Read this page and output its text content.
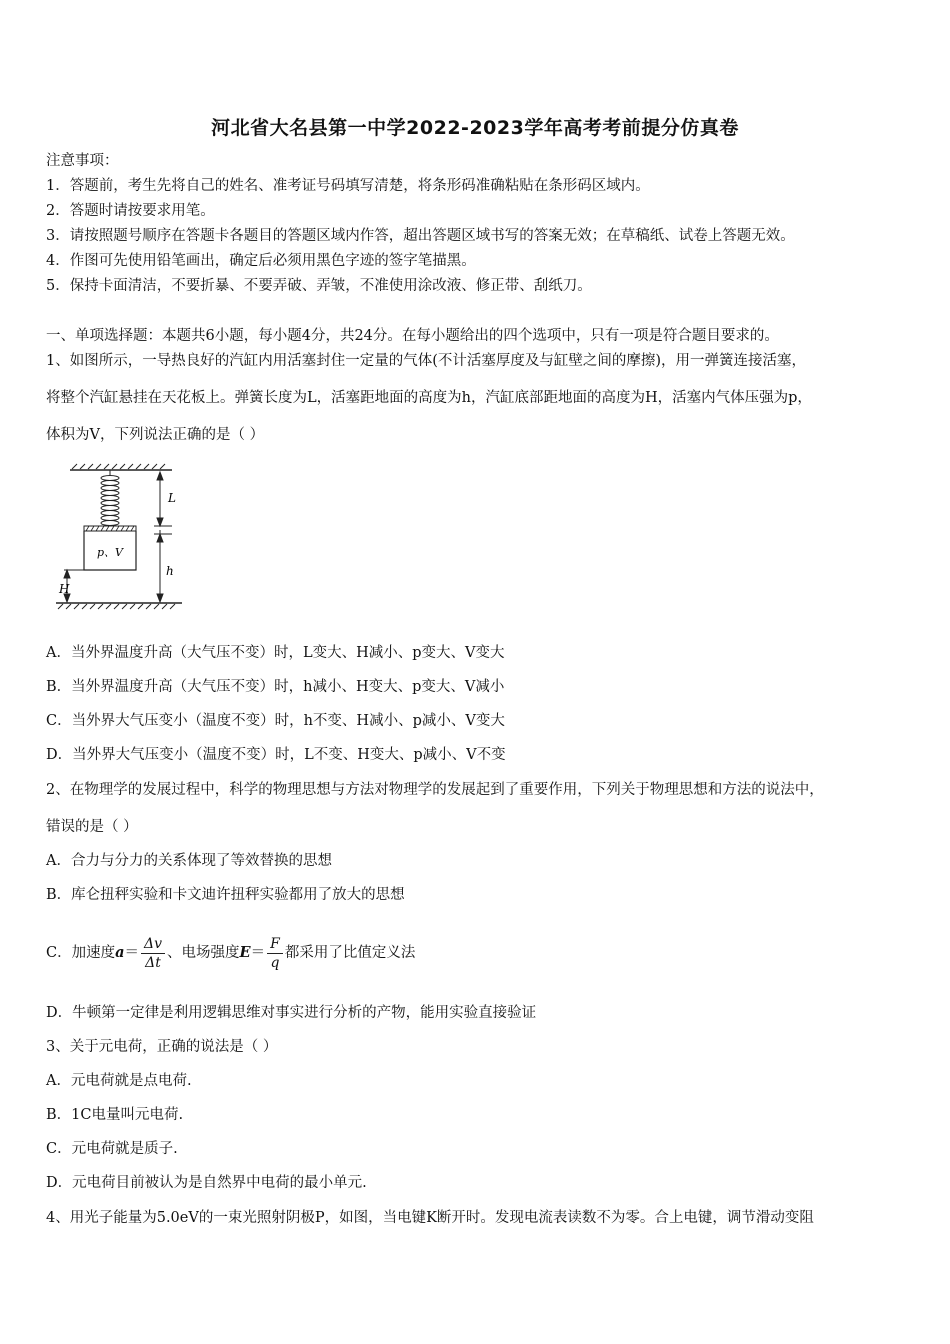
河北省大名县第一中学2022-2023学年高考考前提分仿真卷
注意事项：
1．答题前，考生先将自己的姓名、准考证号码填写清楚，将条形码准确粘贴在条形码区域内。
2．答题时请按要求用笔。
3．请按照题号顺序在答题卡各题目的答题区域内作答，超出答题区域书写的答案无效；在草稿纸、试卷上答题无效。
4．作图可先使用铅笔画出，确定后必须用黑色字迹的签字笔描黑。
5．保持卡面清洁，不要折暴、不要弄破、弄皱，不准使用涂改液、修正带、刮纸刀。
一、单项选择题：本题共6小题，每小题4分，共24分。在每小题给出的四个选项中，只有一项是符合题目要求的。
1、如图所示，一导热良好的汽缸内用活塞封住一定量的气体(不计活塞厚度及与缸壁之间的摩擦)，用一弹簧连接活塞，
将整个汽缸悬挂在天花板上。弹簧长度为L，活塞距地面的高度为h，汽缸底部距地面的高度为H，活塞内气体压强为p，
体积为V，下列说法正确的是（ ）
p、V
L
h
H
A．当外界温度升高（大气压不变）时，L变大、H减小、p变大、V变大
B．当外界温度升高（大气压不变）时，h减小、H变大、p变大、V减小
C．当外界大气压变小（温度不变）时，h不变、H减小、p减小、V变大
D．当外界大气压变小（温度不变）时，L不变、H变大、p减小、V不变
2、在物理学的发展过程中，科学的物理思想与方法对物理学的发展起到了重要作用，下列关于物理思想和方法的说法中，
错误的是（ ）
A．合力与分力的关系体现了等效替换的思想
B．库仑扭秤实验和卡文迪许扭秤实验都用了放大的思想
C．加速度$a= \frac{\Delta v}{\Delta t}$ 、电场强度$E= \frac{F}{q}$ 都采用了比值定义法
D．牛顿第一定律是利用逻辑思维对事实进行分析的产物，能用实验直接验证
3、关于元电荷，正确的说法是（ ）
A．元电荷就是点电荷.
B．1C电量叫元电荷.
C．元电荷就是质子.
D．元电荷目前被认为是自然界中电荷的最小单元.
4、用光子能量为5.0eV的一束光照射阴极P，如图，当电键K断开时。发现电流表读数不为零。合上电键，调节滑动变阻
